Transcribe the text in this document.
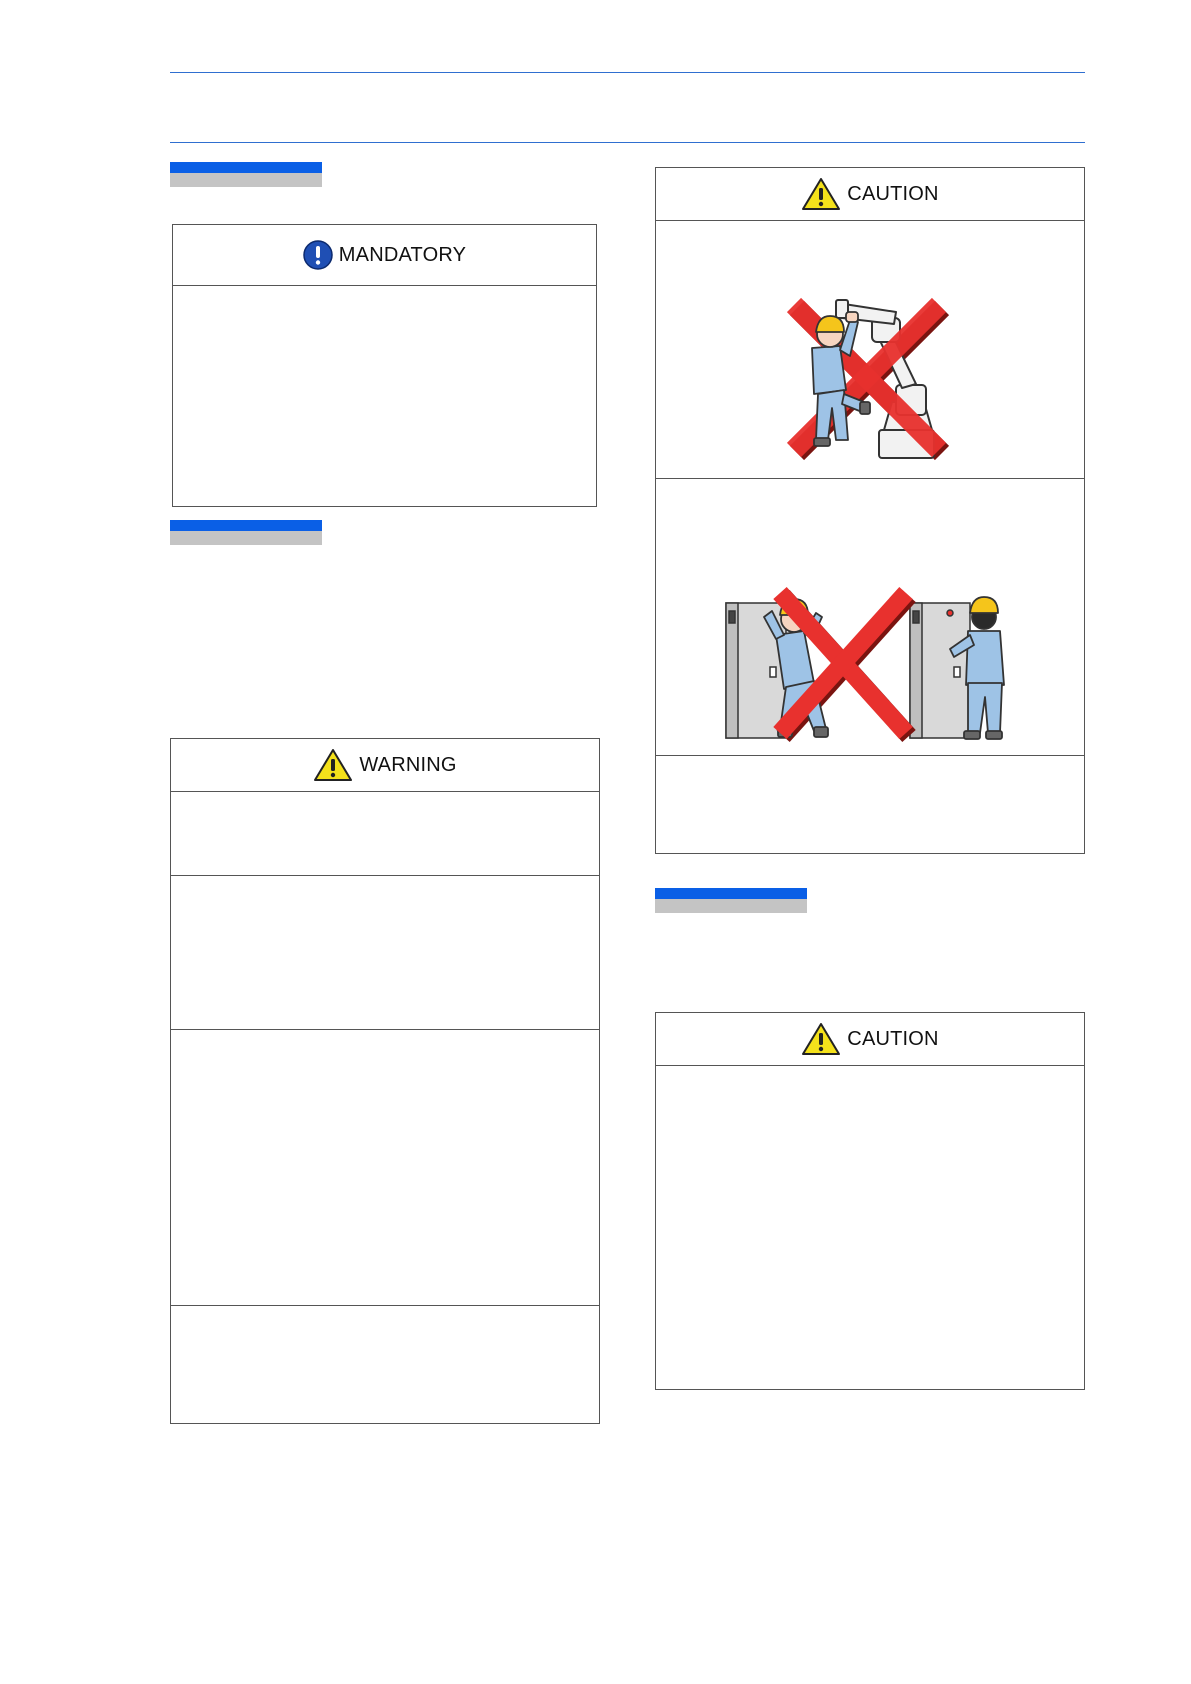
MANDATORY
WARNING
CAUTION
CAUTION
